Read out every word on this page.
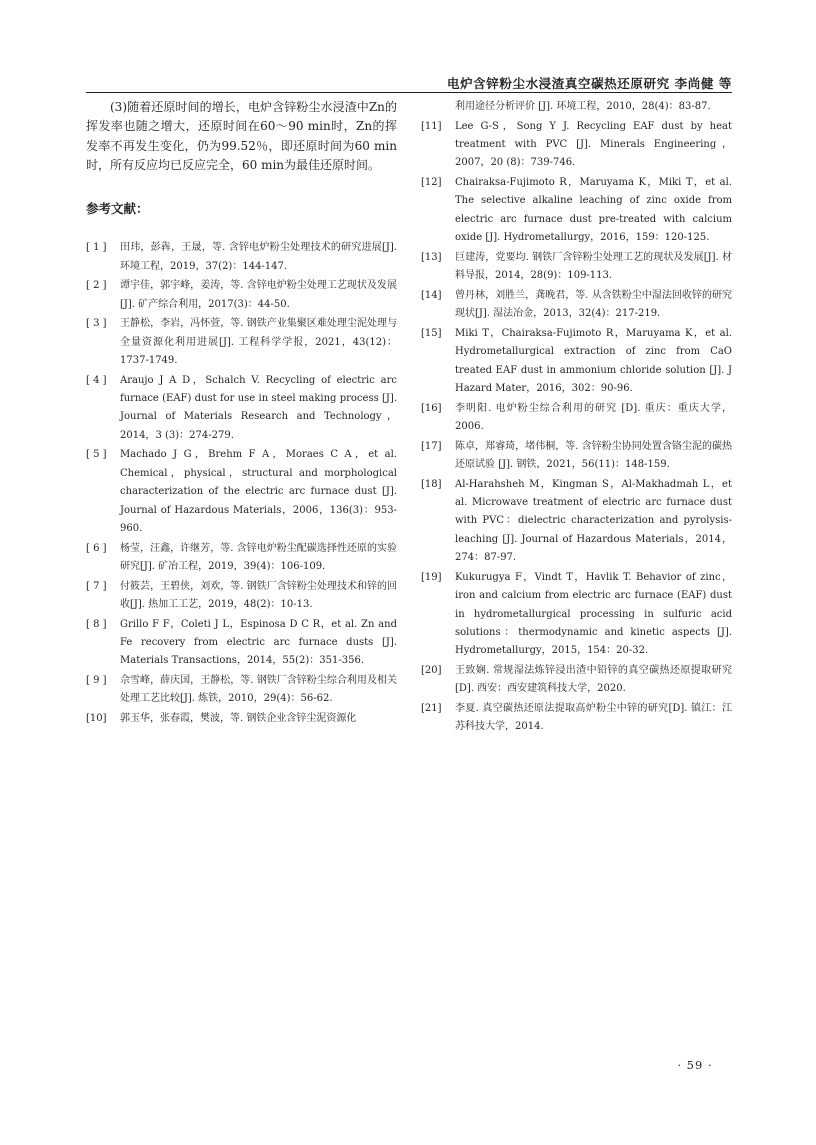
电炉含锌粉尘水浸渣真空碳热还原研究 李尚健 等

(3)随着还原时间的增长，电炉含锌粉尘水浸渣中Zn的挥发率也随之增大，还原时间在60～90 min时，Zn的挥发率不再发生变化，仍为99.52％，即还原时间为60 min时，所有反应均已反应完全，60 min为最佳还原时间。

参考文献：
[ 1 ]	田玮，彭犇，王晟，等. 含锌电炉粉尘处理技术的研究进展[J]. 环境工程，2019，37(2)：144-147.
[ 2 ]	谭宇佳，郭宇峰，姜涛，等. 含锌电炉粉尘处理工艺现状及发展[J]. 矿产综合利用，2017(3)：44-50.
[ 3 ]	王静松，李岩，冯怀萱，等. 钢铁产业集聚区难处理尘泥处理与全量资源化利用进展[J]. 工程科学学报，2021，43(12)：1737-1749.
[ 4 ]	Araujo J A D，Schalch V. Recycling of electric arc furnace (EAF) dust for use in steel making process [J]. Journal of Materials Research and Technology，2014，3 (3)：274-279.
[ 5 ]	Machado J G，Brehm F A，Moraes C A，et al. Chemical，physical，structural and morphological characterization of the electric arc furnace dust [J]. Journal of Hazardous Materials，2006，136(3)：953-960.
[ 6 ]	杨莹，汪鑫，许继芳，等. 含锌电炉粉尘配碳选择性还原的实验研究[J]. 矿冶工程，2019，39(4)：106-109.
[ 7 ]	付筱芸，王碧侠，刘欢，等. 钢铁厂含锌粉尘处理技术和锌的回收[J]. 热加工工艺，2019，48(2)：10-13.
[ 8 ]	Grillo F F，Coleti J L，Espinosa D C R，et al. Zn and Fe recovery from electric arc furnace dusts [J]. Materials Transactions，2014，55(2)：351-356.
[ 9 ]	佘雪峰，薛庆国，王静松，等. 钢铁厂含锌粉尘综合利用及相关处理工艺比较[J]. 炼铁，2010，29(4)：56-62.
[10]	郭玉华，张春霞，樊波，等. 钢铁企业含锌尘泥资源化
利用途径分析评价 [J]. 环境工程，2010，28(4)：83-87.
[11]	Lee G-S，Song Y J. Recycling EAF dust by heat treatment with PVC [J]. Minerals Engineering，2007，20 (8)：739-746.
[12]	Chairaksa-Fujimoto R，Maruyama K，Miki T，et al. The selective alkaline leaching of zinc oxide from electric arc furnace dust pre-treated with calcium oxide [J]. Hydrometallurgy，2016，159：120-125.
[13]	巨建涛，党要均. 钢铁厂含锌粉尘处理工艺的现状及发展[J]. 材料导报，2014，28(9)：109-113.
[14]	曾丹林，刘胜兰，龚晚君，等. 从含铁粉尘中湿法回收锌的研究现状[J]. 湿法冶金，2013，32(4)：217-219.
[15]	Miki T，Chairaksa-Fujimoto R，Maruyama K，et al. Hydrometallurgical extraction of zinc from CaO treated EAF dust in ammonium chloride solution [J]. J Hazard Mater，2016，302：90-96.
[16]	李明阳. 电炉粉尘综合利用的研究 [D]. 重庆：重庆大学，2006.
[17]	陈卓，郑睿琦，堵伟桐，等. 含锌粉尘协同处置含铬尘泥的碳热还原试验 [J]. 钢铁，2021，56(11)：148-159.
[18]	Al-Harahsheh M，Kingman S，Al-Makhadmah L，et al. Microwave treatment of electric arc furnace dust with PVC：dielectric characterization and pyrolysis-leaching [J]. Journal of Hazardous Materials，2014，274：87-97.
[19]	Kukurugya F，Vindt T，Havlik T. Behavior of zinc，iron and calcium from electric arc furnace (EAF) dust in hydrometallurgical processing in sulfuric acid solutions：thermodynamic and kinetic aspects [J]. Hydrometallurgy，2015，154：20-32.
[20]	王致娴. 常规湿法炼锌浸出渣中铅锌的真空碳热还原提取研究[D]. 西安：西安建筑科技大学，2020.
[21]	李夏. 真空碳热还原法提取高炉粉尘中锌的研究[D]. 镇江：江苏科技大学，2014.
· 59 ·
